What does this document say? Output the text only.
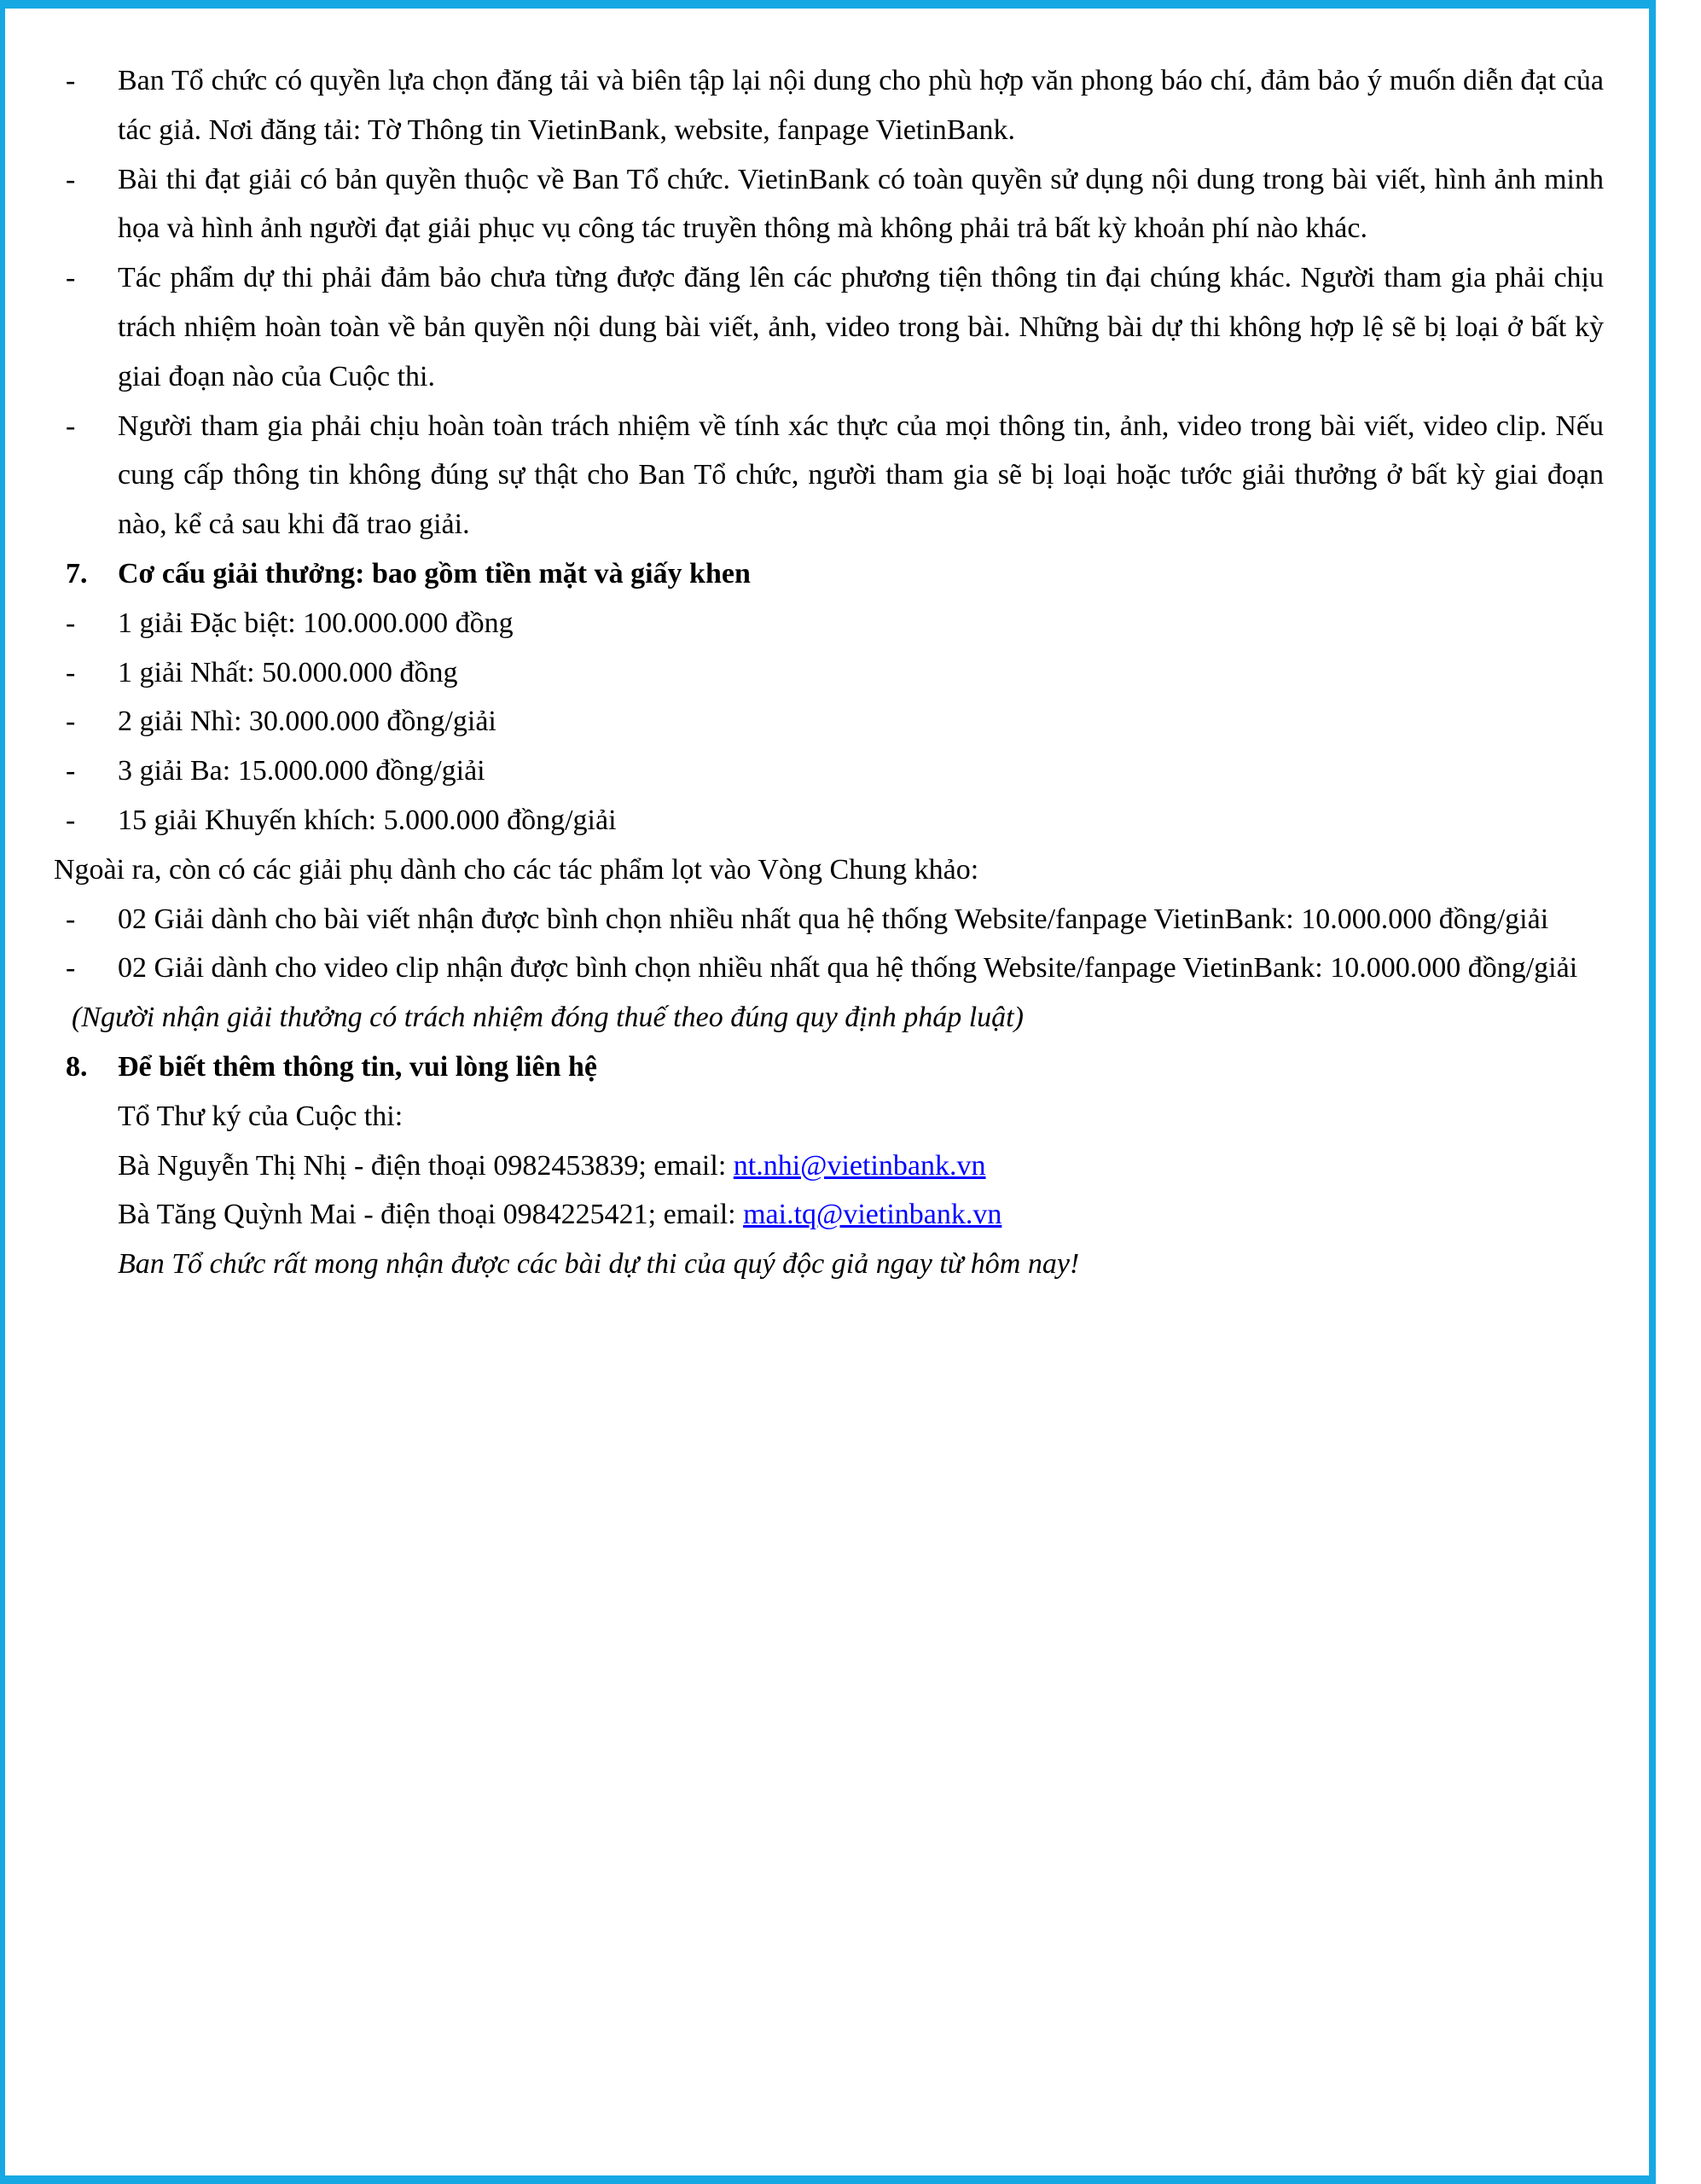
- Ban Tổ chức có quyền lựa chọn đăng tải và biên tập lại nội dung cho phù hợp văn phong báo chí, đảm bảo ý muốn diễn đạt của tác giả. Nơi đăng tải: Tờ Thông tin VietinBank, website, fanpage VietinBank.
- Bài thi đạt giải có bản quyền thuộc về Ban Tổ chức. VietinBank có toàn quyền sử dụng nội dung trong bài viết, hình ảnh minh họa và hình ảnh người đạt giải phục vụ công tác truyền thông mà không phải trả bất kỳ khoản phí nào khác.
- Tác phẩm dự thi phải đảm bảo chưa từng được đăng lên các phương tiện thông tin đại chúng khác. Người tham gia phải chịu trách nhiệm hoàn toàn về bản quyền nội dung bài viết, ảnh, video trong bài. Những bài dự thi không hợp lệ sẽ bị loại ở bất kỳ giai đoạn nào của Cuộc thi.
- Người tham gia phải chịu hoàn toàn trách nhiệm về tính xác thực của mọi thông tin, ảnh, video trong bài viết, video clip. Nếu cung cấp thông tin không đúng sự thật cho Ban Tổ chức, người tham gia sẽ bị loại hoặc tước giải thưởng ở bất kỳ giai đoạn nào, kể cả sau khi đã trao giải.
7. Cơ cấu giải thưởng: bao gồm tiền mặt và giấy khen
- 1 giải Đặc biệt: 100.000.000 đồng
- 1 giải Nhất: 50.000.000 đồng
- 2 giải Nhì: 30.000.000 đồng/giải
- 3 giải Ba: 15.000.000 đồng/giải
- 15 giải Khuyến khích: 5.000.000 đồng/giải
Ngoài ra, còn có các giải phụ dành cho các tác phẩm lọt vào Vòng Chung khảo:
- 02 Giải dành cho bài viết nhận được bình chọn nhiều nhất qua hệ thống Website/fanpage VietinBank: 10.000.000 đồng/giải
- 02 Giải dành cho video clip nhận được bình chọn nhiều nhất qua hệ thống Website/fanpage VietinBank: 10.000.000 đồng/giải
(Người nhận giải thưởng có trách nhiệm đóng thuế theo đúng quy định pháp luật)
8. Để biết thêm thông tin, vui lòng liên hệ
Tổ Thư ký của Cuộc thi:
Bà Nguyễn Thị Nhị - điện thoại 0982453839; email: nt.nhi@vietinbank.vn
Bà Tăng Quỳnh Mai - điện thoại 0984225421; email: mai.tq@vietinbank.vn
Ban Tổ chức rất mong nhận được các bài dự thi của quý độc giả ngay từ hôm nay!
